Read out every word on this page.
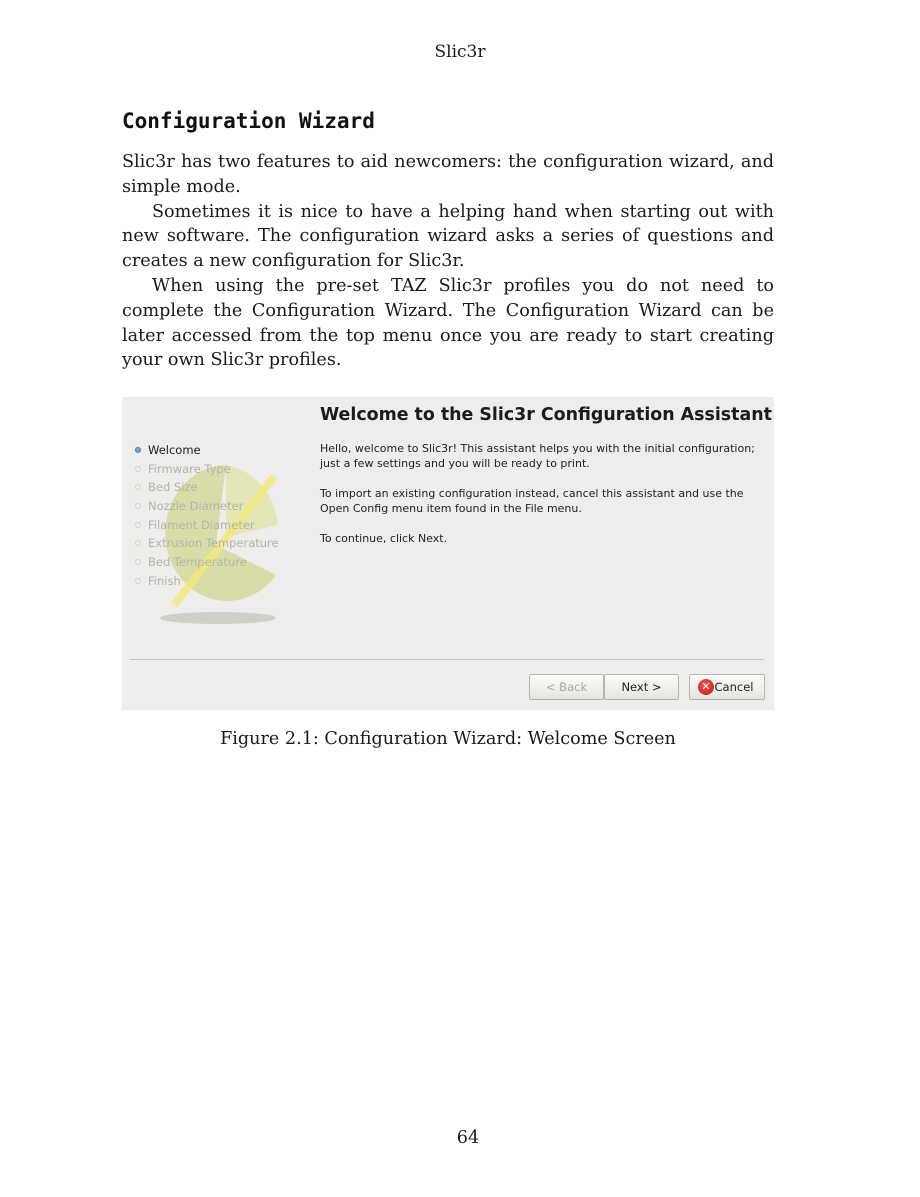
Slic3r
Configuration Wizard

Slic3r has two features to aid newcomers: the configuration wizard, and simple mode.

Sometimes it is nice to have a helping hand when starting out with new software. The configuration wizard asks a series of questions and creates a new configuration for Slic3r.

When using the pre-set TAZ Slic3r profiles you do not need to complete the Configuration Wizard. The Configuration Wizard can be later accessed from the top menu once you are ready to start creating your own Slic3r profiles.

Welcome
Firmware Type
Bed Size
Nozzle Diameter
Filament Diameter
Extrusion Temperature
Bed Temperature
Finish
Welcome to the Slic3r Configuration Assistant

Hello, welcome to Slic3r! This assistant helps you with the initial configuration; just a few settings and you will be ready to print.

To import an existing configuration instead, cancel this assistant and use the Open Config menu item found in the File menu.

To continue, click Next.

< Back	Next >	✕ Cancel
Figure 2.1: Configuration Wizard: Welcome Screen
64
